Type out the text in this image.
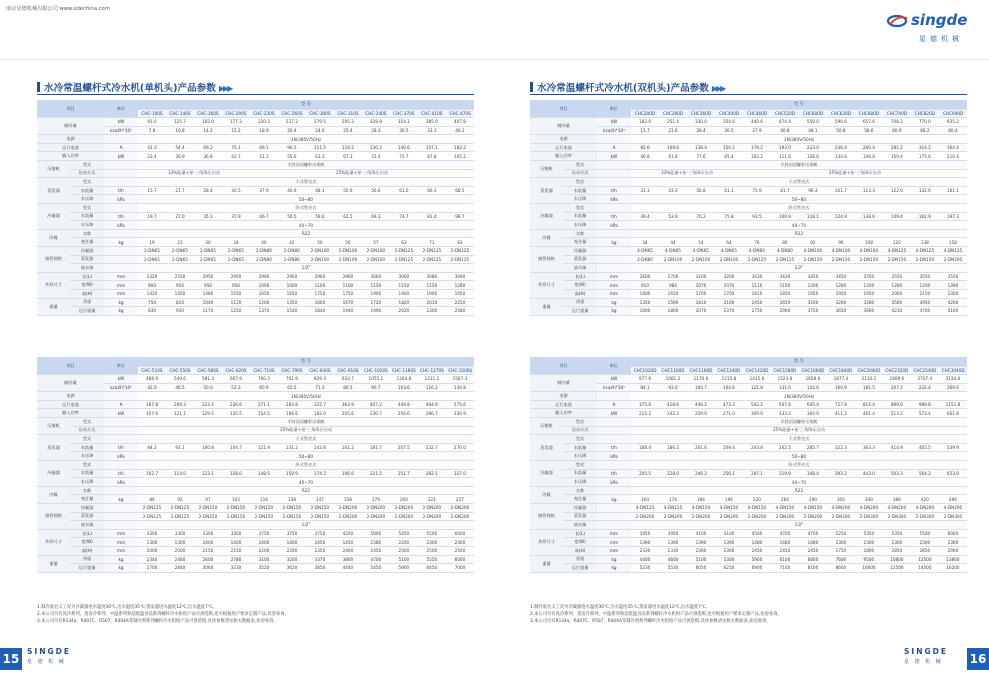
南京星德机械有限公司 www.xdechina.com
singde
星德机械
水冷常温螺杆式冷水机(单机头)产品参数 ▶▶▶
项目		单位	型 号											
			CHC-100S	CHC-140S	CHC-160S	CHC-200S	CHC-230S	CHC-260S	CHC-300S	CHC-310S	CHC-340S	CHC-370S	CHC-410S	CHC-470S
制冷量		kW	91.0	125.7	165.0	177.3	220.3	237.2	279.5	295.3	328.8	354.1	385.0	407.8
		kcal/h*10³	7.8	10.8	14.2	15.2	18.9	20.4	24.0	25.4	28.3	30.5	33.1	40.2
电源			3N/380V/50Hz											
运行电流		A	41.3	54.4	69.2	75.1	89.1	96.5	111.5	118.2	130.2	140.6	157.1	182.2
输入功率		kW	23.4	30.9	36.8	42.7	51.1	55.6	63.3	67.3	72.4	75.7	87.8	105.2
压缩机	型式		半封闭双螺杆压缩机											
	启动方式		33%能量+星-三角降压启动				25%能量+星-三角降压启动							
蒸发器	型式		干式管壳式											
	水流量	t/h	15.7	21.7	28.4	30.5	37.9	40.9	48.1	50.9	56.6	61.0	66.3	68.5
	水压降	kPa	50~80											
冷凝器	型式		卧式管壳式											
	水流量	t/h	19.7	27.0	35.1	37.9	46.7	50.5	59.0	62.5	69.3	74.7	81.4	98.7
	水压降	kPa	40~70											
冷媒	名称		R22											
	充注量	kg	19	23	30	34	40	42	50	50	57	63	71	83
接管规格	冷凝器		2-DN65	2-DN65	2-DN65	2-DN65	2-DN80	2-DN80	2-DN100	2-DN100	2-DN100	2-DN125	2-DN125	2-DN125
	蒸发器		2-DN65	2-DN65	2-DN65	2-DN65	2-DN80	2-DN80	2-DN100	2-DN100	2-DN100	2-DN125	2-DN125	2-DN125
	放水阀		1/2"											
外形尺寸	长(L)	mm	2320	2550	2950	2950	2990	2960	2960	2960	3060	3060	3080	3090
	宽(W)	mm	900	950	950	950	1000	1000	1100	1100	1150	1150	1150	1280
	高(H)	mm	1420	1450	1480	1550	1650	1650	1750	1750	1900	1900	1900	1950
重量	净重	kg	750	810	1040	1120	1200	1350	1600	1670	1720	1820	2010	2250
	运行重量	kg	830	930	1170	1250	1370	1540	1840	1940	1990	2020	2300	2580
项目		单位	型 号											
			CHC-510S	CHC-550S	CHC-580S	CHC-620S	CHC-710S	CHC-790S	CHC-830S	CHC-910S	CHC-1020S	CHC-1160S	CHC-1270S	CHC-1500S
制冷量		kW	488.9	540.6	581.3	607.9	700.3	761.9	829.3	933.7	1055.1	1204.8	1311.2	1567.3
		kcal/h*10³	42.0	46.5	50.0	52.3	60.9	65.5	71.3	80.5	90.7	103.6	116.2	134.8
电源			3N/380V/50Hz											
运行电流		A	187.8	209.3	223.1	236.6	271.1	283.8	322.7	363.9	407.2	449.8	494.9	575.6
输入功率		kW	107.6	121.1	129.5	135.5	154.5	166.6	182.0	205.6	230.7	256.6	286.7	330.9
压缩机	型式		半封闭双螺杆压缩机											
	启动方式		25%能量+星-三角降压启动											
蒸发器	型式		干式管壳式											
	水流量	t/h	84.2	93.1	100.8	104.7	121.9	131.2	142.8	161.2	181.7	207.5	232.7	270.0
	水压降	kPa	50~80											
冷凝器	型式		卧式管壳式											
	水流量	t/h	102.7	114.0	123.1	128.0	148.5	159.9	174.2	196.6	221.5	251.7	282.1	327.0
	水压降	kPa	40~70											
冷媒	名称		R22											
	充注量	kg	86	92	97	103	116	128	147	158	179	200	221	257
接管规格	冷凝器		2-DN125	2-DN125	2-DN150	2-DN150	2-DN150	2-DN150	2-DN150	2-DN200	2-DN200	2-DN200	2-DN200	2-DN200
	蒸发器		2-DN125	2-DN125	2-DN150	2-DN150	2-DN150	2-DN150	2-DN150	2-DN200	2-DN200	2-DN200	2-DN200	2-DN200
	放水阀		1/2"											
外形尺寸	长(L)	mm	3300	3300	3300	3300	3750	3750	3750	4200	5000	5450	5500	6000
	宽(W)	mm	1300	1300	1400	1400	1400	1400	1450	1450	1580	2200	2300	2300
	高(H)	mm	2000	2000	2150	2150	2200	2200	2350	2400	2450	2500	2500	2500
重量	净重	kg	2340	2460	2600	2780	3100	3200	3370	3800	4700	5100	5550	6000
	运行重量	kg	2700	2840	3060	3230	3520	3620	3850	4440	5450	5900	6450	7000
1.制冷量名义工况为冷凝器进水温度30℃,出水温度35℃;蒸发器进水温度12℃,出水温度7℃。
2.本公司另有风冷系列、蒸发冷系列、中温系列和超低温食品系列螺杆冷水机组产品可供选购,也可根据用户要求定制产品,欢迎垂询。
3.本公司另有R134a、R407C、R507、R404A等制冷剂系列螺杆冷水机组产品可供选购,具体参数请见相关数据表,欢迎垂询。
15
SINGDE
星 德 机 械
水冷常温螺杆式冷水机(双机头)产品参数 ▶▶▶
项目		单位	型 号											
			CHC200D	CHC280D	CHC360D	CHC400D	CHC460D	CHC520D	CHC600D	CHC620D	CHC680D	CHC740D	CHC820D	CHC940D
制冷量		kW	182.0	251.4	330.0	354.6	440.6	474.4	559.0	590.6	657.6	708.2	770.0	935.2
		kcal/h*10³	15.7	21.6	28.4	30.5	37.9	40.8	48.1	50.8	56.6	60.9	66.2	80.4
电源			3N/380V/50Hz											
运行电流		A	82.6	108.8	138.4	150.2	178.2	193.0	223.0	236.4	260.4	281.2	314.2	364.4
输入功率		kW	46.8	61.8	77.6	85.4	102.2	111.6	126.6	134.6	146.8	159.4	175.6	210.4
压缩机	型式		半封闭双螺杆压缩机											
	启动方式		33%能量+星-三角降压启动				25%能量+星-三角降压启动							
蒸发器	型式		干式管壳式											
	水流量	t/h	31.3	43.3	56.8	61.1	75.9	81.7	96.3	101.7	113.3	122.0	132.6	161.1
	水压降	kPa	50~80											
冷凝器	型式		卧式管壳式											
	水流量	t/h	39.4	53.9	70.2	75.8	93.5	100.9	118.1	124.9	138.6	149.4	162.9	197.3
	水压降	kPa	40~70											
冷媒	名称		R22											
	充注量	kg	34	44	54	64	76	80	92	96	108	120	138	158
接管规格	冷凝器		4-DN65	4-DN65	4-DN65	4-DN65	4-DN80	4-DN80	4-DN100	4-DN100	4-DN100	4-DN125	4-DN125	4-DN125
	蒸发器		2-DN80	2-DN100	2-DN100	2-DN100	2-DN125	2-DN125	2-DN150	2-DN150	2-DN150	2-DN150	2-DN150	2-DN200
	放水阀		1/2"											
外形尺寸	长(L)	mm	2600	2700	3200	3200	3430	3430	3450	3450	3550	3550	3550	3550
	宽(W)	mm	910	980	1070	1070	1110	1150	1200	1200	1200	1200	1200	1390
	高(H)	mm	1600	1650	1700	1700	1810	1850	1950	1950	1950	2000	2150	2300
重量	净重	kg	1350	1590	1810	2100	2450	2650	3100	3200	3280	3560	3950	4200
	运行重量	kg	1600	1800	2070	2370	2750	2900	3750	3650	3900	4230	4700	5100
项目		单位	型 号											
			CHC1020D	CHC1100D	CHC1160D	CHC1240D	CHC1420D	CHC1580D	CHC1660D	CHC1840D	CHC2040D	CHC2320D	CHC2540D	CHC3040D
制冷量		kW	977.6	1081.2	1170.6	1215.8	1415.6	1523.8	1658.6	1877.4	2110.2	2409.6	2707.4	3134.6
		kcal/h*10³	84.1	93.0	100.7	104.6	121.8	131.0	142.6	160.9	181.5	207.2	232.4	269.6
电源			3N/380V/50Hz											
运行电流		A	375.6	418.6	446.2	473.2	542.2	567.6	645.4	727.8	814.4	899.6	989.8	1151.8
输入功率		kW	215.2	242.2	259.0	271.0	309.0	333.2	364.0	411.2	461.4	513.2	573.4	661.8
压缩机	型式		半封闭双螺杆压缩机											
	启动方式		25%能量+星-三角降压启动											
蒸发器	型式		干式管壳式											
	水流量	t/h	168.4	186.2	201.6	209.4	243.8	262.5	285.7	322.3	363.3	414.9	465.5	539.9
	水压降	kPa	50~80											
冷凝器	型式		卧式管壳式											
	水流量	t/h	205.5	228.0	246.2	256.1	297.1	319.9	348.4	393.2	443.0	503.3	564.2	653.9
	水压降	kPa	40~70											
冷媒	名称		R22											
	充注量	kg	164	176	184	196	220	264	290	300	340	380	420	490
接管规格	冷凝器		4-DN125	4-DN125	4-DN150	4-DN150	4-DN150	4-DN150	4-DN150	4-DN200	4-DN200	4-DN200	4-DN200	4-DN200
	蒸发器		2-DN200	2-DN200	2-DN200	2-DN200	2-DN200	2-DN200	2-DN200	2-DN300	2-DN300	2-DN300	2-DN300	2-DN300
	放水阀		1/2"											
外形尺寸	长(L)	mm	3950	3950	4100	4100	4560	4700	4700	5250	5350	5350	5500	6000
	宽(W)	mm	1390	1390	1390	1390	1480	1480	1480	2300	2300	2300	2300	2300
	高(H)	mm	2330	2330	2360	2360	2450	2450	2450	2750	2800	2850	2850	2900
重量	净重	kg	4400	4600	5100	5300	5900	6100	6800	7600	9500	10800	12500	13800
	运行重量	kg	5230	5530	6050	6250	6900	7100	8100	8600	10600	12500	14500	16200
1.制冷量名义工况为冷凝器进水温度30℃,出水温度35℃;蒸发器进水温度12℃,出水温度7℃。
2.本公司另有风冷系列、蒸发冷系列、中温系列和超低温食品系列螺杆冷水机组产品可供选购,也可根据用户要求定制产品,欢迎垂询。
3.本公司另有R134a、R407C、R507、R404A等制冷剂系列螺杆冷水机组产品可供选购,具体参数请见相关数据表,欢迎垂询。
SINGDE
星 德 机 械 16
